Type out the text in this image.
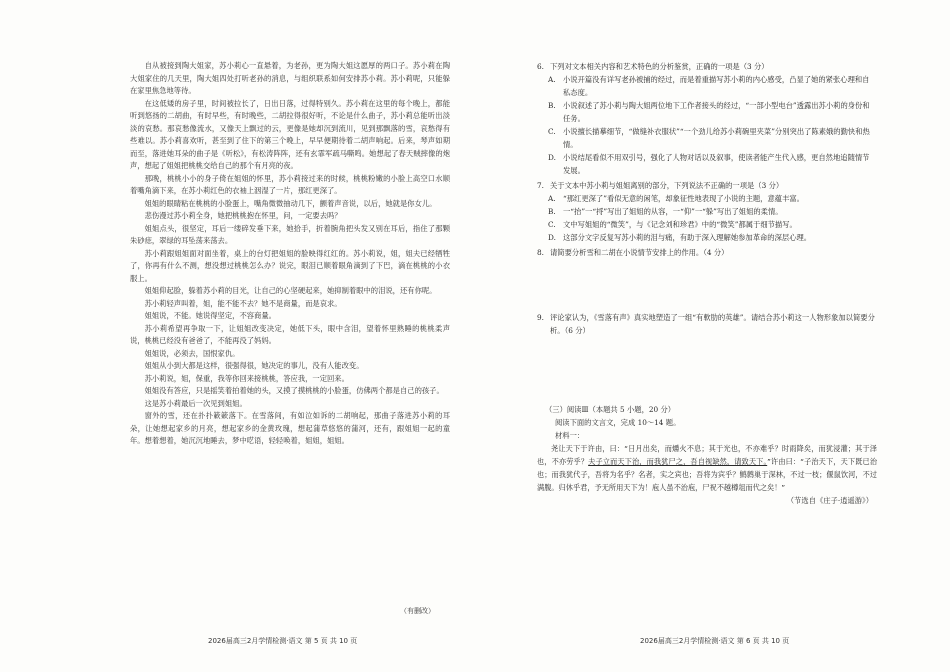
自从被接到陶大姐家，苏小莉心一直悬着，为老孙，更为陶大姐这愿厚的两口子。苏小莉在陶大姐家住的几天里，陶大姐四处打听老孙的消息，与组织联系如何安排苏小莉。苏小莉呢，只能躲在家里焦急地等待。

在这低矮的房子里，时间被拉长了，日出日落，过得特别久。苏小莉在这里的每个晚上，都能听到悠扬的二胡曲，有时早些，有时晚些，二胡拉得很好听，不论是什么曲子，苏小莉总能听出淡淡的哀愁。那哀愁像流水，又像天上飘过的云，更像是她却沉到流川，见到那飘落的雪，哀愁得有些难以。苏小莉喜欢听，甚至到了住下的第三个晚上，早早便期待着二胡声响起。后来，琴声如期而至，落进她耳朵的曲子是《听松》，有松涛阵阵，还有玄霏军疏马嘶鸣。她想起了春天贼摔像的炮声，想起了姐姐把桃桃交给自己的那个有月亮的夜。

那晚，桃桃小小的身子倚在姐姐的怀里，苏小莉接过来的时候，桃桃粉嫩的小脸上高空口水顺着嘴角滴下来，在苏小莉红色的衣袖上洇湿了一片，那红更深了。

姐姐的眼睛粘在桃桃的小脸蛋上，嘴角微微抽动几下，颤着声音说，以后，她就是你女儿。

悲伤漫过苏小莉全身，她把桃桃抱在怀里，问，一定要去吗？

姐姐点头，很坚定，耳后一缕碎发垂下来，她拾手，折着腕角把头发又别在耳后，指住了那颗朱砂痣，翠绿的耳坠荡来荡去。

苏小莉跟姐姐面对面坐着，桌上的台灯把姐姐的脸映得红红的。苏小莉说，姐，姐夫已经牺牲了，你再有什么不测，想没想过桃桃怎么办？说完，眼泪已顺着眼角滴到了下巴，滴在桃桃的小衣服上。

姐姐仰起脸，躲着苏小莉的目光，让自己的心坚硬起来，她抑制着眼中的泪说，还有你呢。

苏小莉轻声叫着，姐，能不能不去？她不是商量，而是哀求。

姐姐说，不能。她说得坚定，不容商量。

苏小莉希望再争取一下，让姐姐改变决定，她低下头，眼中含泪，望着怀里熟睡的桃桃柔声说，桃桃已经没有爸爸了，不能再没了妈妈。

姐姐说，必须去，国恨家仇。

姐姐从小到大都是这样，很强得很，她决定的事儿，没有人能改变。

苏小莉说，姐，保重，我等你回来接桃桃，答应我，一定回来。

姐姐没有答应，只是摇笑着拍着她的头，又摸了摸桃桃的小脸蛋，仿佛两个都是自己的孩子。

这是苏小莉最后一次见到姐姐。

窗外的雪，还在扑扑簌簌落下。在雪落间，有如泣如诉的二胡响起，那曲子落进苏小莉的耳朵，让她想起家乡的月亮，想起家乡的金黄玫瑰，想起蒲草悠悠的蒲河，还有，跟姐姐一起的童年。想着想着，她沉沉地睡去，梦中呓语，轻轻唤着，姐姐，姐姐。

（有删改）
2026届高三2月学情检测·语文 第 5 页 共 10 页
6. 下列对文本相关内容和艺术特色的分析鉴赏，正确的一项是（3 分）
A. 小说开篇没有详写老孙被捕的经过，而是着重描写苏小莉的内心感受，凸显了她的紧张心理和自私态度。
B. 小说叙述了苏小莉与陶大姐两位地下工作者接头的经过，“一部小型电台”透露出苏小莉的身份和任务。
C. 小说擅长描摹细节，“做缝补衣服状”“一个劲儿给苏小莉碗里夹菜”分别突出了陈素娥的勤快和热情。
D. 小说结尾看似不用双引号，强化了人物对话以及叙事，使读者能产生代入感，更自然地追随情节发展。
7. 关于文本中苏小莉与姐姐离别的部分，下列说法不正确的一项是（3 分）
A. “那红更深了”看似无意的闲笔，却象征性地表现了小说的主题，意蕴丰富。
B. 一“抬”一“捋”写出了姐姐的从容，一“仰”一“躲”写出了姐姐的柔情。
C. 文中写姐姐的“微笑”，与《记念刘和珍君》中的“微笑”都属于细节描写。
D. 这部分文字反复写苏小莉的泪与痛，有助于深入理解她参加革命的深层心理。
8. 请简要分析雪和二胡在小说情节安排上的作用。（4 分）
9. 评论家认为，《雪落有声》真实地塑造了一组“有軟肋的英雄”。请结合苏小莉这一人物形象加以简要分析。（6 分）
（三）阅读Ⅲ（本题共 5 小题，20 分）
阅读下面的文言文，完成 10～14 题。
材料一：
尧让天下于许由，曰：“日月出矣，而爝火不息；其于光也，不亦难乎？时雨降矣，而犹浸灌；其于泽也，不亦劳乎？夫子立而天下治，而我犹尸之，吾自视缺然，请致天下。”许由曰：“子治天下，天下既已治也；而我犹代子，吾将为名乎？名者，实之宾也；吾将为宾乎？鹪鹩巢于深林，不过一枝；偃鼠饮河，不过满腹。归休乎君，予无所用天下为！庖人虽不治庖，尸祝不越樽俎而代之矣！”
（节选自《庄子·逍遥游》）
2026届高三2月学情检测·语文 第 6 页 共 10 页
